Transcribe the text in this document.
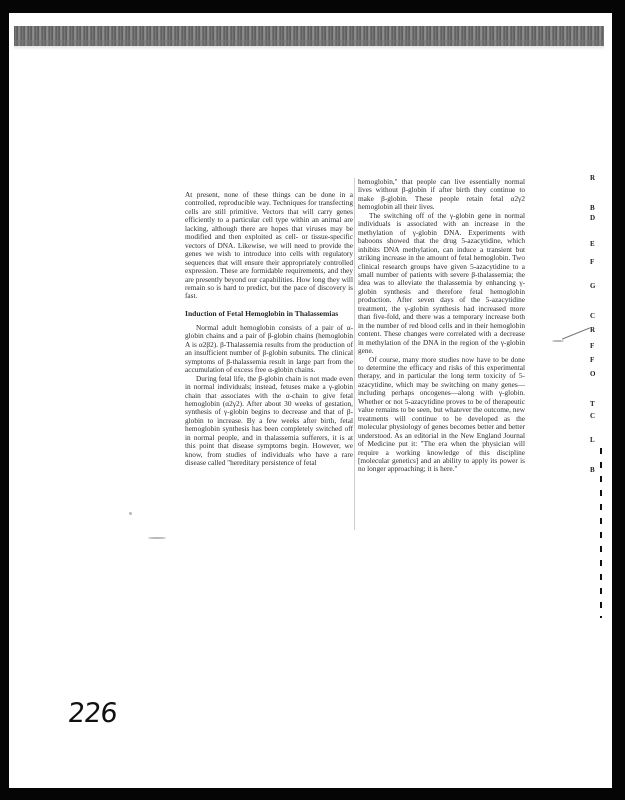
At present, none of these things can be done in a controlled, reproducible way. Techniques for transfecting cells are still primitive. Vectors that will carry genes efficiently to a particular cell type within an animal are lacking, although there are hopes that viruses may be modified and then exploited as cell- or tissue-specific vectors of DNA. Likewise, we will need to provide the genes we wish to introduce into cells with regulatory sequences that will ensure their appropriately controlled expression. These are formidable requirements, and they are presently beyond our capabilities. How long they will remain so is hard to predict, but the pace of discovery is fast.

Induction of Fetal Hemoglobin in Thalassemias

Normal adult hemoglobin consists of a pair of α-globin chains and a pair of β-globin chains (hemoglobin A is α2β2). β-Thalassemia results from the production of an insufficient number of β-globin subunits. The clinical symptoms of β-thalassemia result in large part from the accumulation of excess free α-globin chains.

During fetal life, the β-globin chain is not made even in normal individuals; instead, fetuses make a γ-globin chain that associates with the α-chain to give fetal hemoglobin (α2γ2). After about 30 weeks of gestation, synthesis of γ-globin begins to decrease and that of β-globin to increase. By a few weeks after birth, fetal hemoglobin synthesis has been completely switched off in normal people, and in thalassemia sufferers, it is at this point that disease symptoms begin. However, we know, from studies of individuals who have a rare disease called "hereditary persistence of fetal

hemoglobin," that people can live essentially normal lives without β-globin if after birth they continue to make β-globin. These people retain fetal α2γ2 hemoglobin all their lives.

The switching off of the γ-globin gene in normal individuals is associated with an increase in the methylation of γ-globin DNA. Experiments with baboons showed that the drug 5-azacytidine, which inhibits DNA methylation, can induce a transient but striking increase in the amount of fetal hemoglobin. Two clinical research groups have given 5-azacytidine to a small number of patients with severe β-thalassemia; the idea was to alleviate the thalassemia by enhancing γ-globin synthesis and therefore fetal hemoglobin production. After seven days of the 5-azacytidine treatment, the γ-globin synthesis had increased more than five-fold, and there was a temporary increase both in the number of red blood cells and in their hemoglobin content. These changes were correlated with a decrease in methylation of the DNA in the region of the γ-globin gene.

Of course, many more studies now have to be done to determine the efficacy and risks of this experimental therapy, and in particular the long term toxicity of 5-azacytidine, which may be switching on many genes—including perhaps oncogenes—along with γ-globin. Whether or not 5-azacytidine proves to be of therapeutic value remains to be seen, but whatever the outcome, new treatments will continue to be developed as the molecular physiology of genes becomes better and better understood. As an editorial in the New England Journal of Medicine put it: "The era when the physician will require a working knowledge of this discipline [molecular genetics] and an ability to apply its power is no longer approaching; it is here."

R
B
D
E
F
G
C
R
F
F
O
T
C
L
B
226
